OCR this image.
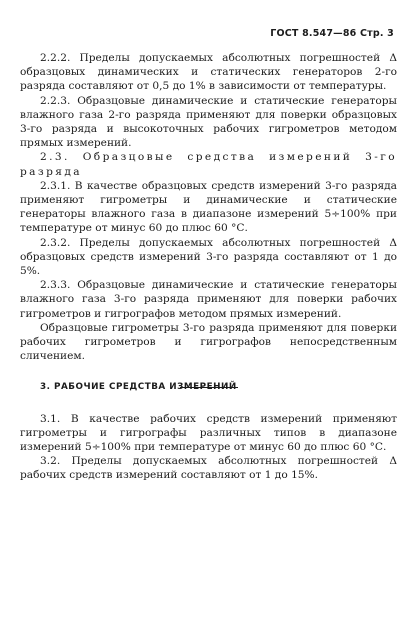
ГОСТ 8.547—86 Стр. 3

2.2.2. Пределы допускаемых абсолютных погрешностей Δ образцовых динамических и статических генераторов 2-го разряда составляют от 0,5 до 1% в зависимости от температуры.

2.2.3. Образцовые динамические и статические генераторы влажного газа 2-го разряда применяют для поверки образцовых 3-го разряда и высокоточных рабочих гигрометров методом прямых измерений.

2.3. Образцовые средства измерений 3-го разряда

2.3.1. В качестве образцовых средств измерений 3-го разряда применяют гигрометры и динамические и статические генераторы влажного газа в диапазоне измерений 5÷100% при температуре от минус 60 до плюс 60 °С.

2.3.2. Пределы допускаемых абсолютных погрешностей Δ образцовых средств измерений 3-го разряда составляют от 1 до 5%.

2.3.3. Образцовые динамические и статические генераторы влажного газа 3-го разряда применяют для поверки рабочих гигрометров и гигрографов методом прямых измерений.

Образцовые гигрометры 3-го разряда применяют для поверки рабочих гигрометров и гигрографов непосредственным сличением.

3. РАБОЧИЕ СРЕДСТВА ИЗМЕРЕНИЙ

3.1. В качестве рабочих средств измерений применяют гигрометры и гигрографы различных типов в диапазоне измерений 5÷100% при температуре от минус 60 до плюс 60 °С.

3.2. Пределы допускаемых абсолютных погрешностей Δ рабочих средств измерений составляют от 1 до 15%.
